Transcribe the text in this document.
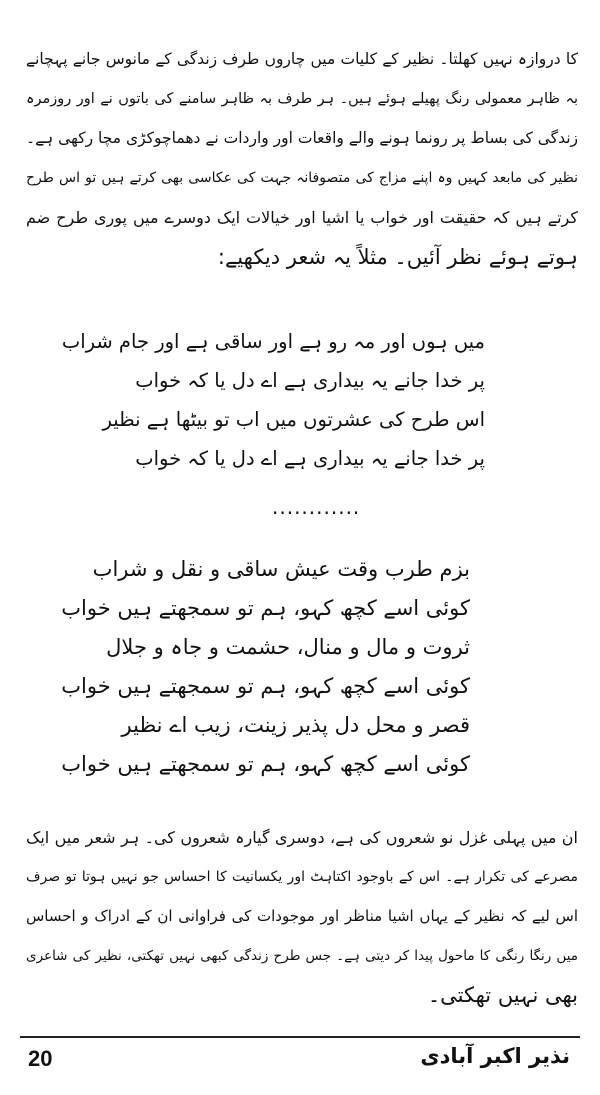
کا دروازہ نہیں کھلتا۔ نظیر کے کلیات میں چاروں طرف زندگی کے مانوس جانے پہچانے
بہ ظاہر معمولی رنگ پھیلے ہوئے ہیں۔ ہر طرف بہ ظاہر سامنے کی باتوں نے اور روزمرہ
زندگی کی بساط پر رونما ہونے والے واقعات اور واردات نے دھماچوکڑی مچا رکھی ہے۔
نظیر کی مابعد کہیں وہ اپنے مزاج کی متصوفانہ جہت کی عکاسی بھی کرتے ہیں تو اس طرح
کرتے ہیں کہ حقیقت اور خواب یا اشیا اور خیالات ایک دوسرے میں پوری طرح ضم
ہوتے ہوئے نظر آئیں۔ مثلاً یہ شعر دیکھیے:
میں ہوں اور مہ رو ہے اور ساقی ہے اور جام شراب
پر خدا جانے یہ بیداری ہے اے دل یا کہ خواب
اس طرح کی عشرتوں میں اب تو بیٹھا ہے نظیر
پر خدا جانے یہ بیداری ہے اے دل یا کہ خواب
............
بزم طرب وقت عیش ساقی و نقل و شراب
کوئی اسے کچھ کہو، ہم تو سمجھتے ہیں خواب
ثروت و مال و منال، حشمت و جاہ و جلال
کوئی اسے کچھ کہو، ہم تو سمجھتے ہیں خواب
قصر و محل دل پذیر زینت، زیب اے نظیر
کوئی اسے کچھ کہو، ہم تو سمجھتے ہیں خواب
ان میں پہلی غزل نو شعروں کی ہے، دوسری گیارہ شعروں کی۔ ہر شعر میں ایک
مصرعے کی تکرار ہے۔ اس کے باوجود اکتاہٹ اور یکسانیت کا احساس جو نہیں ہوتا تو صرف
اس لیے کہ نظیر کے یہاں اشیا مناظر اور موجودات کی فراوانی ان کے ادراک و احساس
میں رنگا رنگی کا ماحول پیدا کر دیتی ہے۔ جس طرح زندگی کبھی نہیں تھکتی، نظیر کی شاعری
بھی نہیں تھکتی۔
20	نذیر اکبر آبادی
